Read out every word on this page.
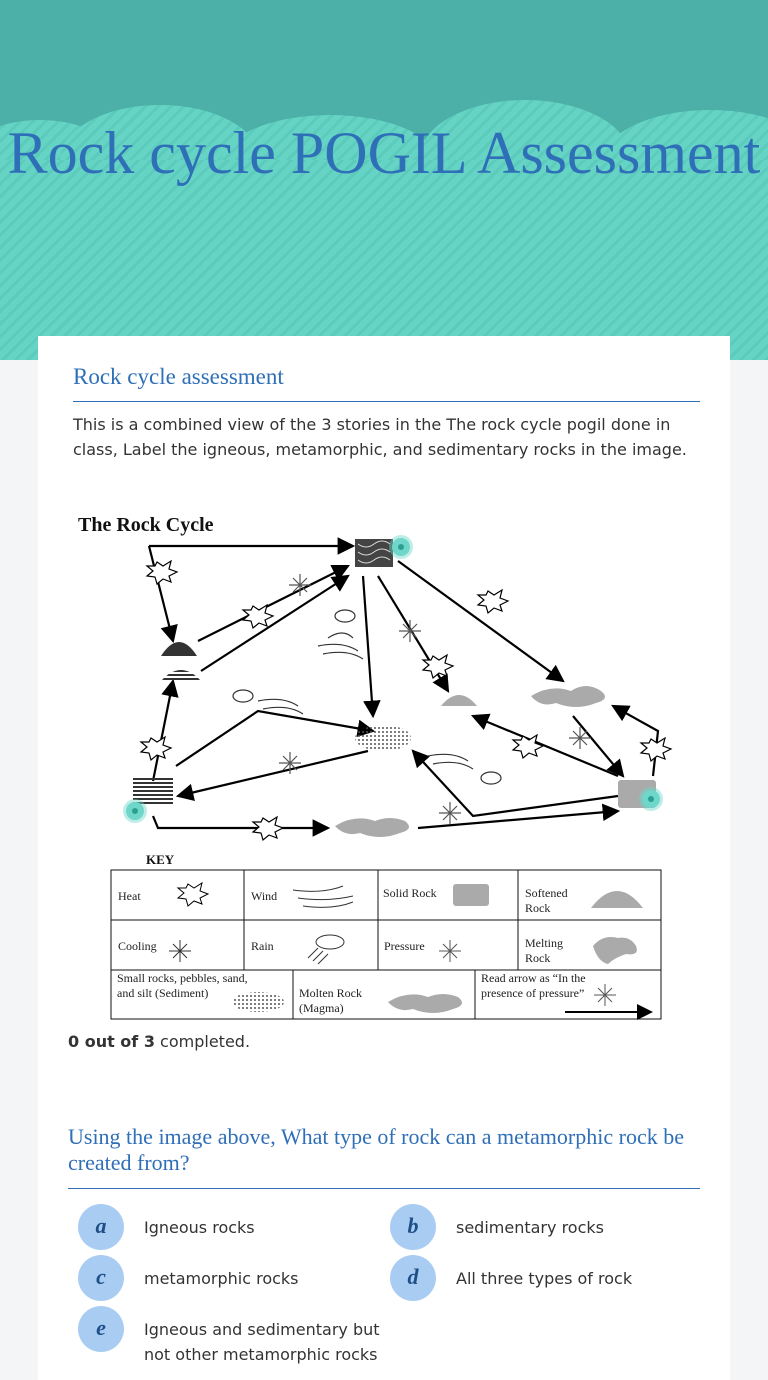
Rock cycle POGIL Assessment
Rock cycle assessment
This is a combined view of the 3 stories in the The rock cycle pogil done in class, Label the igneous, metamorphic, and sedimentary rocks in the image.
The Rock Cycle
KEY
Heat	Wind	Solid Rock	Softened Rock
Cooling	Rain	Pressure	Melting Rock
Small rocks, pebbles, sand, and silt (Sediment)	Molten Rock (Magma)
Read arrow as “In the presence of pressure”
0 out of 3 completed.
Using the image above, What type of rock can a metamorphic rock be created from?
a	Igneous rocks	b	sedimentary rocks
c	metamorphic rocks	d	All three types of rock
e	Igneous and sedimentary but not other metamorphic rocks
